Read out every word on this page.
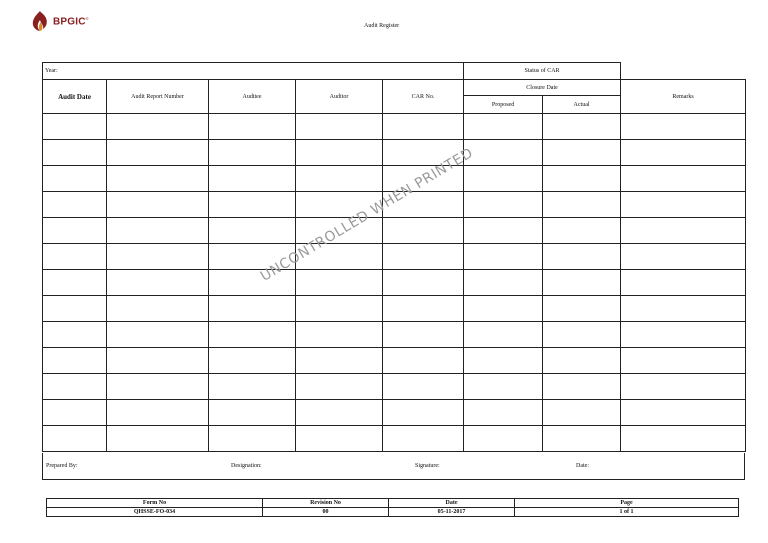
BPGIC©
Audit Register
Year:					Status of CAR		
Audit Date	Audit Report Number	Auditee	Auditor	CAR No.	Closure Date		Remarks
					Proposed	Actual	

Prepared By:	Designation:	Signature:	Date:
Form No	Revision No	Date	Page
QHSSE-FO-034	00	05-11-2017	1 of 1
UNCONTROLLED WHEN PRINTED
